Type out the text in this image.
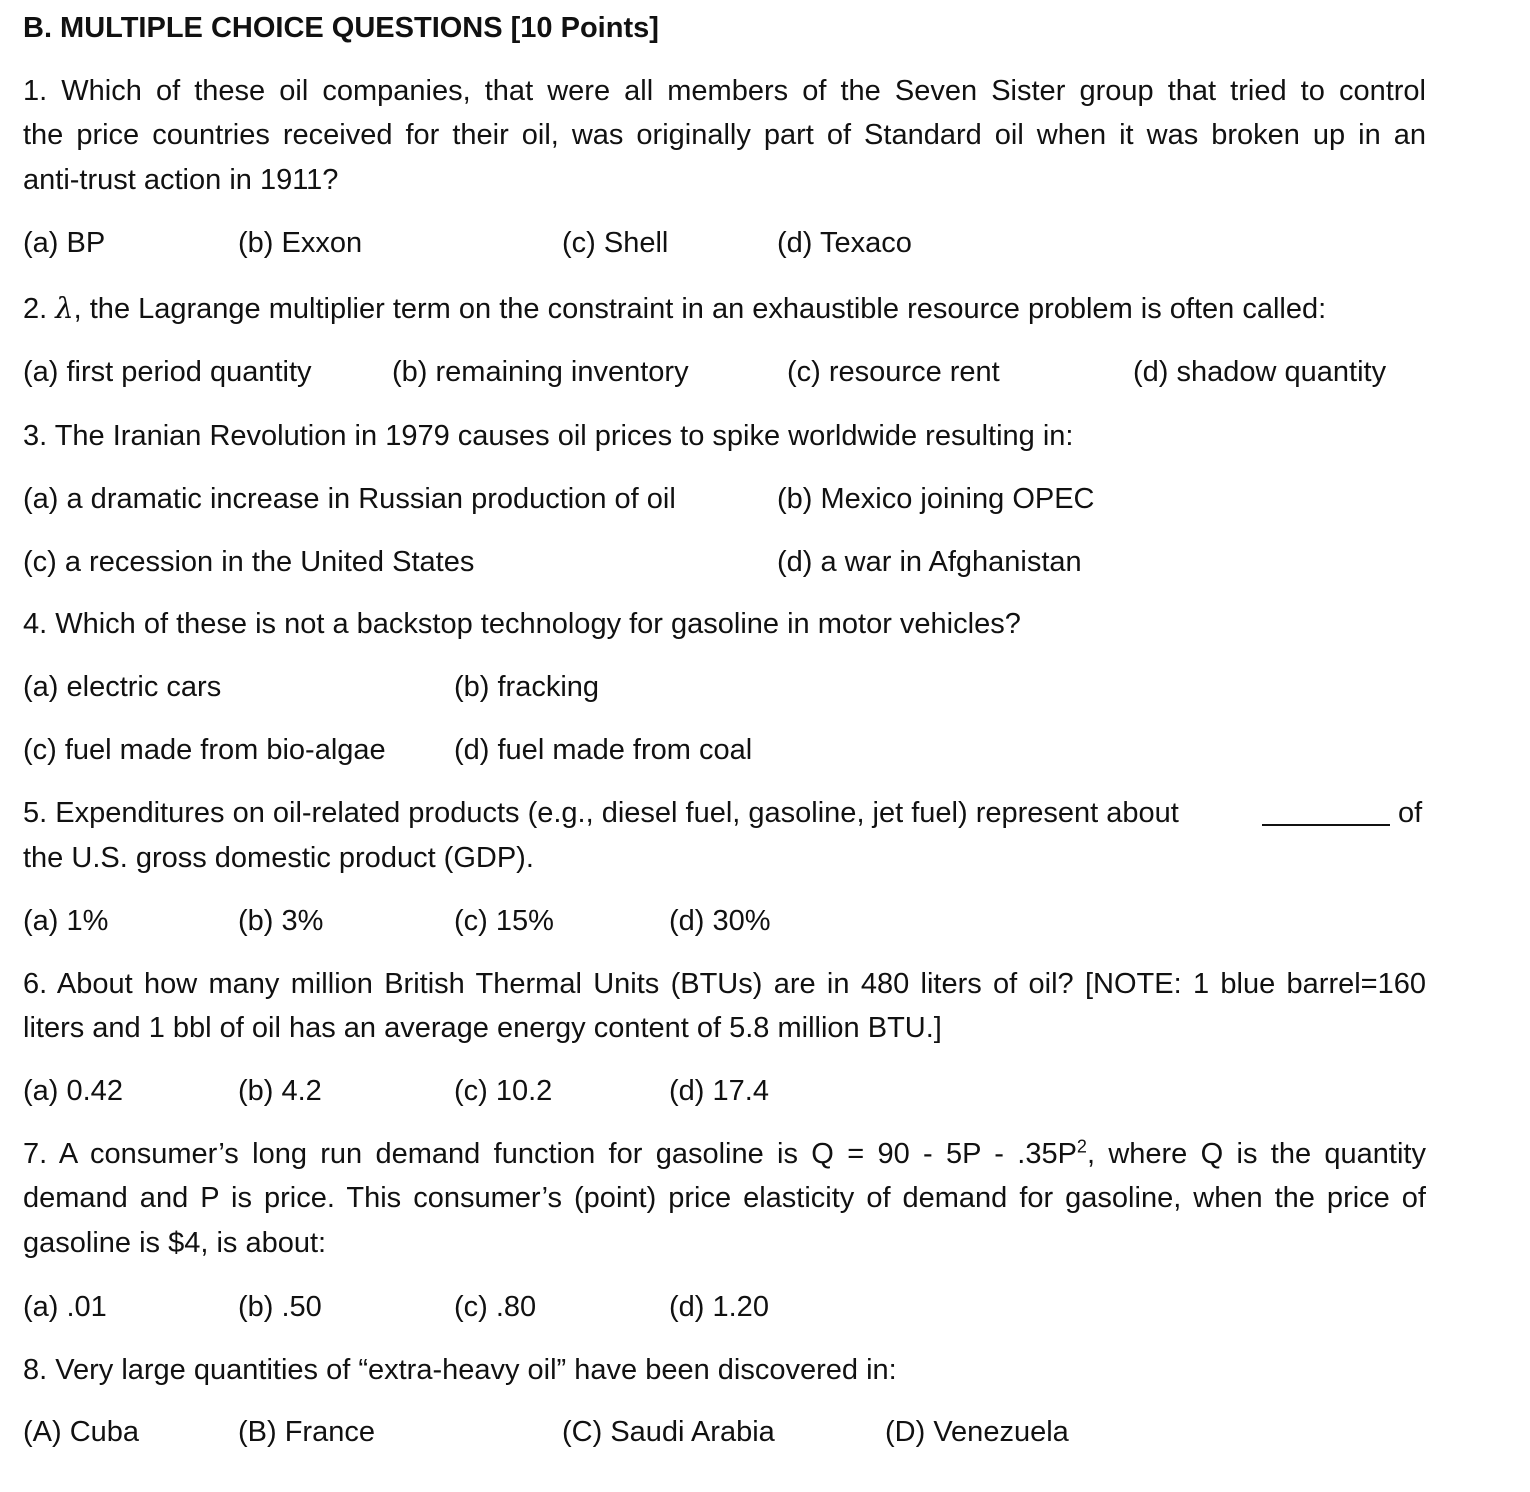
B. MULTIPLE CHOICE QUESTIONS [10 Points]
1. Which of these oil companies, that were all members of the Seven Sister group that tried to control
the price countries received for their oil, was originally part of Standard oil when it was broken up in an
anti-trust action in 1911?
(a) BP	(b) Exxon	(c) Shell	(d) Texaco
2. λ, the Lagrange multiplier term on the constraint in an exhaustible resource problem is often called:
(a) first period quantity	(b) remaining inventory	(c) resource rent	(d) shadow quantity
3. The Iranian Revolution in 1979 causes oil prices to spike worldwide resulting in:
(a) a dramatic increase in Russian production of oil	(b) Mexico joining OPEC
(c) a recession in the United States	(d) a war in Afghanistan
4. Which of these is not a backstop technology for gasoline in motor vehicles?
(a) electric cars	(b) fracking
(c) fuel made from bio-algae (d) fuel made from coal
5. Expenditures on oil-related products (e.g., diesel fuel, gasoline, jet fuel) represent about	of
the U.S. gross domestic product (GDP).
(a) 1%	(b) 3%	(c) 15%	(d) 30%
6. About how many million British Thermal Units (BTUs) are in 480 liters of oil? [NOTE: 1 blue barrel=160
liters and 1 bbl of oil has an average energy content of 5.8 million BTU.]
(a) 0.42	(b) 4.2	(c) 10.2	(d) 17.4
7. A consumer’s long run demand function for gasoline is $Q = 90 - 5P - .35P^2$, where Q is the quantity
demand and P is price. This consumer’s (point) price elasticity of demand for gasoline, when the price of
gasoline is $4, is about:
(a) .01	(b) .50	(c) .80	(d) 1.20
8. Very large quantities of “extra-heavy oil” have been discovered in:
(A) Cuba	(B) France	(C) Saudi Arabia	(D) Venezuela
